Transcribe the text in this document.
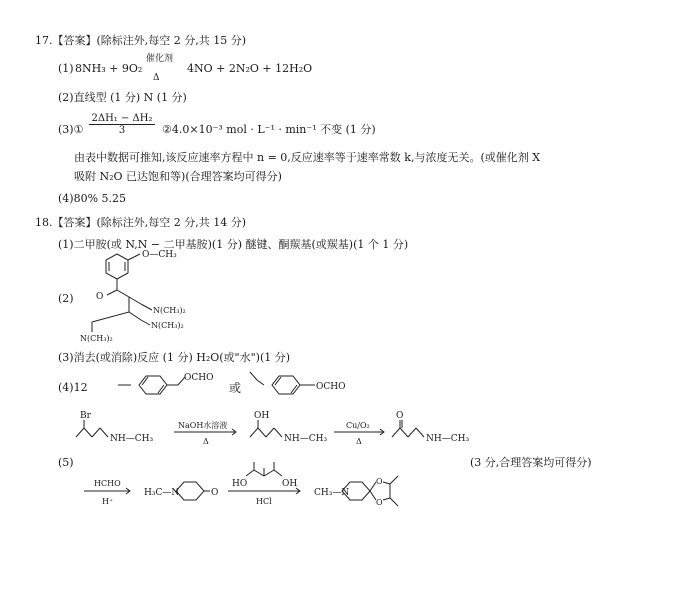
17.【答案】(除标注外,每空 2 分,共 15 分)
(1) 8NH₃ + 9O₂
催化剂
Δ
4NO + 2N₂O + 12H₂O
(2)直线型 (1 分) N (1 分)
(3)① $\frac{\text{2ΔH₁ − ΔH₂}}{3}$ ②4.0×10⁻³ mol · L⁻¹ · min⁻¹ 不变 (1 分)
由表中数据可推知,该反应速率方程中 n = 0,反应速率等于速率常数 k,与浓度无关。(或催化剂 X
吸附 N₂O 已达饱和等)(合理答案均可得分)
(4)80% 5.25
18.【答案】(除标注外,每空 2 分,共 14 分)
(1)二甲胺(或 N,N − 二甲基胺)(1 分) 醚键、酮羰基(或羰基)(1 个 1 分)
(2)
(3)消去(或消除)反应 (1 分) H₂O(或"水")(1 分)
(4)12
(5)	(3 分,合理答案均可得分)
O—CH₃
O
N(CH₃)₂
N(CH₃)₂
N(CH₃)₂
OCHO
或	OCHO
Br
NH—CH₃
NaOH水溶液
Δ
OH
NH—CH₃
Cu/O₂
Δ
O
NH—CH₃
HCHO
H⁺
H₃C—N	O
HO	OH
HCl
CH₃—N
O
O
